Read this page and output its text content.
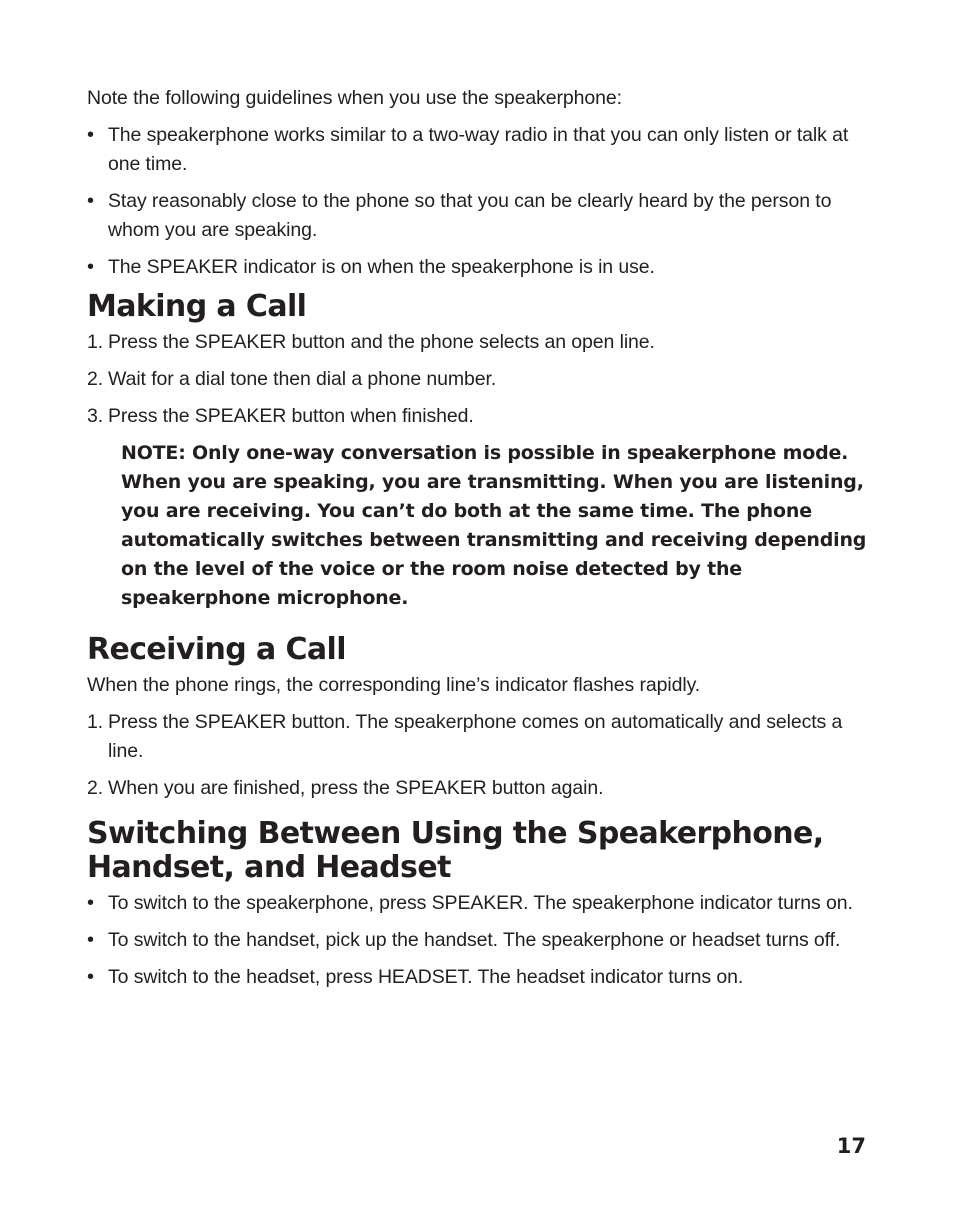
Note the following guidelines when you use the speakerphone:

• The speakerphone works similar to a two-way radio in that you can only listen or talk at one time.
• Stay reasonably close to the phone so that you can be clearly heard by the person to whom you are speaking.
• The SPEAKER indicator is on when the speakerphone is in use.
Making a Call
1. Press the SPEAKER button and the phone selects an open line.
2. Wait for a dial tone then dial a phone number.
3. Press the SPEAKER button when finished.

NOTE: Only one-way conversation is possible in speakerphone mode. When you are speaking, you are transmitting. When you are listening, you are receiving. You can’t do both at the same time. The phone automatically switches between transmitting and receiving depending on the level of the voice or the room noise detected by the speakerphone microphone.

Receiving a Call

When the phone rings, the corresponding line’s indicator flashes rapidly.

1. Press the SPEAKER button. The speakerphone comes on automatically and selects a line.
2. When you are finished, press the SPEAKER button again.
Switching Between Using the Speakerphone, Handset, and Headset
• To switch to the speakerphone, press SPEAKER. The speakerphone indicator turns on.
• To switch to the handset, pick up the handset. The speakerphone or headset turns off.
• To switch to the headset, press HEADSET. The headset indicator turns on.
17
